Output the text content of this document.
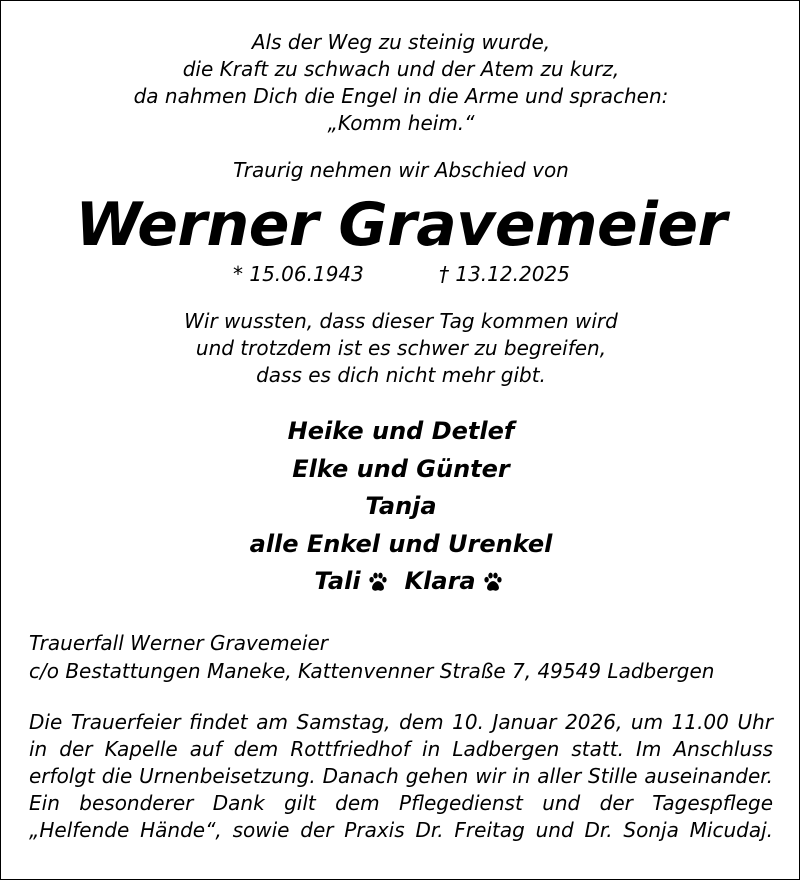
Als der Weg zu steinig wurde,
die Kraft zu schwach und der Atem zu kurz,
da nahmen Dich die Engel in die Arme und sprachen:
„Komm heim.“
Traurig nehmen wir Abschied von
Werner Gravemeier
* 15.06.1943	† 13.12.2025
Wir wussten, dass dieser Tag kommen wird
und trotzdem ist es schwer zu begreifen,
dass es dich nicht mehr gibt.
Heike und Detlef
Elke und Günter
Tanja
alle Enkel und Urenkel
Tali Klara
Trauerfall Werner Gravemeier
c/o Bestattungen Maneke, Kattenvenner Straße 7, 49549 Ladbergen

Die Trauerfeier findet am Samstag, dem 10. Januar 2026, um 11.00 Uhr in der Kapelle auf dem Rottfriedhof in Ladbergen statt. Im Anschluss erfolgt die Urnenbeisetzung. Danach gehen wir in aller Stille auseinander.

Ein besonderer Dank gilt dem Pflegedienst und der Tagespflege „Helfende Hände“, sowie der Praxis Dr. Freitag und Dr. Sonja Micudaj.
